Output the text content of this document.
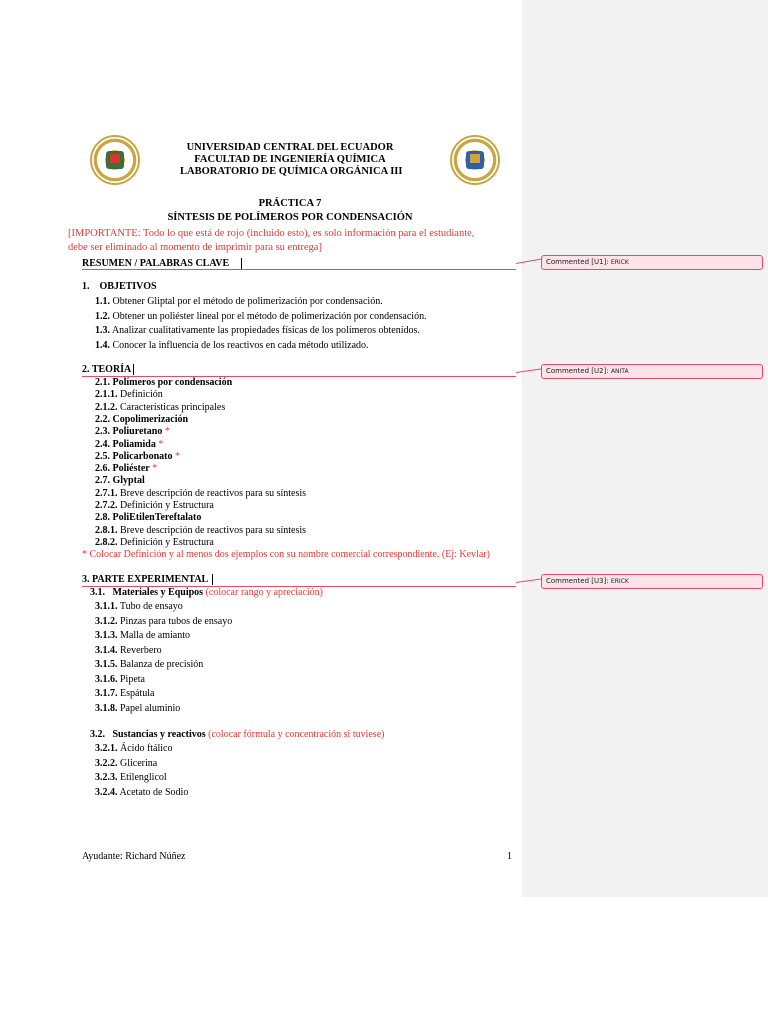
UNIVERSIDAD CENTRAL DEL ECUADOR
FACULTAD DE INGENIERÍA QUÍMICA
LABORATORIO DE QUÍMICA ORGÁNICA III
PRÁCTICA 7
SÍNTESIS DE POLÍMEROS POR CONDENSACIÓN
[IMPORTANTE: Todo lo que está de rojo (incluido esto), es solo información para el estudiante,
debe ser eliminado al momento de imprimir para su entrega]
RESUMEN / PALABRAS CLAVE
1. OBJETIVOS
1.1. Obtener Gliptal por el método de polimerización por condensación.
1.2. Obtener un poliéster lineal por el método de polimerización por condensación.
1.3. Analizar cualitativamente las propiedades físicas de los polímeros obtenidos.
1.4. Conocer la influencia de los reactivos en cada método utilizado.
2. TEORÍA
2.1. Polímeros por condensación
2.1.1. Definición
2.1.2. Características principales
2.2. Copolimerización
2.3. Poliuretano *
2.4. Poliamida *
2.5. Policarbonato *
2.6. Poliéster *
2.7. Glyptal
2.7.1. Breve descripción de reactivos para su síntesis
2.7.2. Definición y Estructura
2.8. PoliEtilenTereftalato
2.8.1. Breve descripción de reactivos para su síntesis
2.8.2. Definición y Estructura
* Colocar Definición y al menos dos ejemplos con su nombre comercial correspondiente. (Ej: Kevlar)
3. PARTE EXPERIMENTAL
3.1. Materiales y Equipos (colocar rango y apreciación)
3.1.1. Tubo de ensayo
3.1.2. Pinzas para tubos de ensayo
3.1.3. Malla de amianto
3.1.4. Reverbero
3.1.5. Balanza de precisión
3.1.6. Pipeta
3.1.7. Espátula
3.1.8. Papel aluminio
3.2. Sustancias y reactivos (colocar fórmula y concentración si tuviese)
3.2.1. Ácido ftálico
3.2.2. Glicerina
3.2.3. Etilenglicol
3.2.4. Acetato de Sodio
Ayudante: Richard Núñez	1
Commented [U1]: ERICK
Commented [U2]: ANITA
Commented [U3]: ERICK
